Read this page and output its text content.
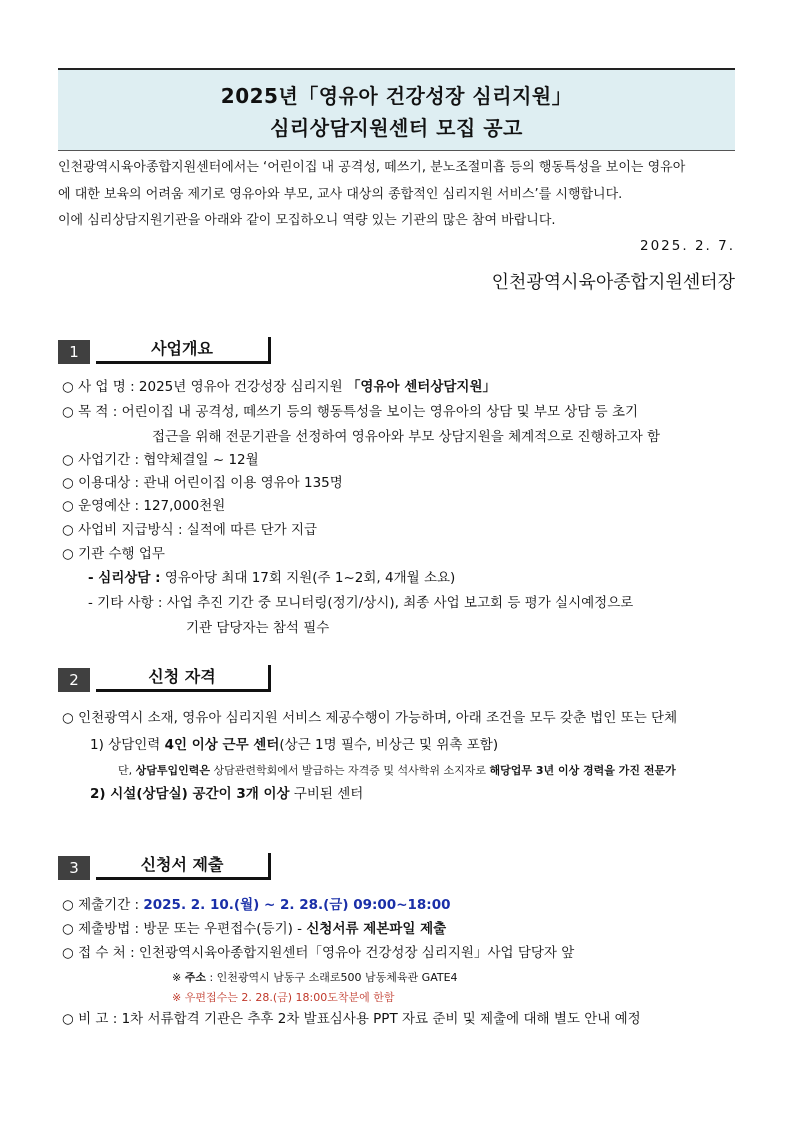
2025년「영유아 건강성장 심리지원」
심리상담지원센터 모집 공고
인천광역시육아종합지원센터에서는 ‘어린이집 내 공격성, 떼쓰기, 분노조절미흡 등의 행동특성을 보이는 영유아
에 대한 보육의 어려움 제기로 영유아와 부모, 교사 대상의 종합적인 심리지원 서비스’를 시행합니다.
이에 심리상담지원기관을 아래와 같이 모집하오니 역량 있는 기관의 많은 참여 바랍니다.
2025. 2. 7.
인천광역시육아종합지원센터장
1	사업개요
○ 사 업 명 : 2025년 영유아 건강성장 심리지원 「영유아 센터상담지원」
○ 목 적 : 어린이집 내 공격성, 떼쓰기 등의 행동특성을 보이는 영유아의 상담 및 부모 상담 등 초기
접근을 위해 전문기관을 선정하여 영유아와 부모 상담지원을 체계적으로 진행하고자 함
○ 사업기간 : 협약체결일 ~ 12월
○ 이용대상 : 관내 어린이집 이용 영유아 135명
○ 운영예산 : 127,000천원
○ 사업비 지급방식 : 실적에 따른 단가 지급
○ 기관 수행 업무
- 심리상담 : 영유아당 최대 17회 지원(주 1~2회, 4개월 소요)
- 기타 사항 : 사업 추진 기간 중 모니터링(정기/상시), 최종 사업 보고회 등 평가 실시예정으로
기관 담당자는 참석 필수
2	신청 자격
○ 인천광역시 소재, 영유아 심리지원 서비스 제공수행이 가능하며, 아래 조건을 모두 갖춘 법인 또는 단체
1) 상담인력 4인 이상 근무 센터(상근 1명 필수, 비상근 및 위촉 포함)
단, 상담투입인력은 상담관련학회에서 발급하는 자격증 및 석사학위 소지자로 해당업무 3년 이상 경력을 가진 전문가
2) 시설(상담실) 공간이 3개 이상 구비된 센터
3	신청서 제출
○ 제출기간 : 2025. 2. 10.(월) ~ 2. 28.(금) 09:00~18:00
○ 제출방법 : 방문 또는 우편접수(등기) - 신청서류 제본파일 제출
○ 접 수 처 : 인천광역시육아종합지원센터「영유아 건강성장 심리지원」사업 담당자 앞
※ 주소 : 인천광역시 남동구 소래로500 남동체육관 GATE4
※ 우편접수는 2. 28.(금) 18:00도착분에 한함
○ 비 고 : 1차 서류합격 기관은 추후 2차 발표심사용 PPT 자료 준비 및 제출에 대해 별도 안내 예정
